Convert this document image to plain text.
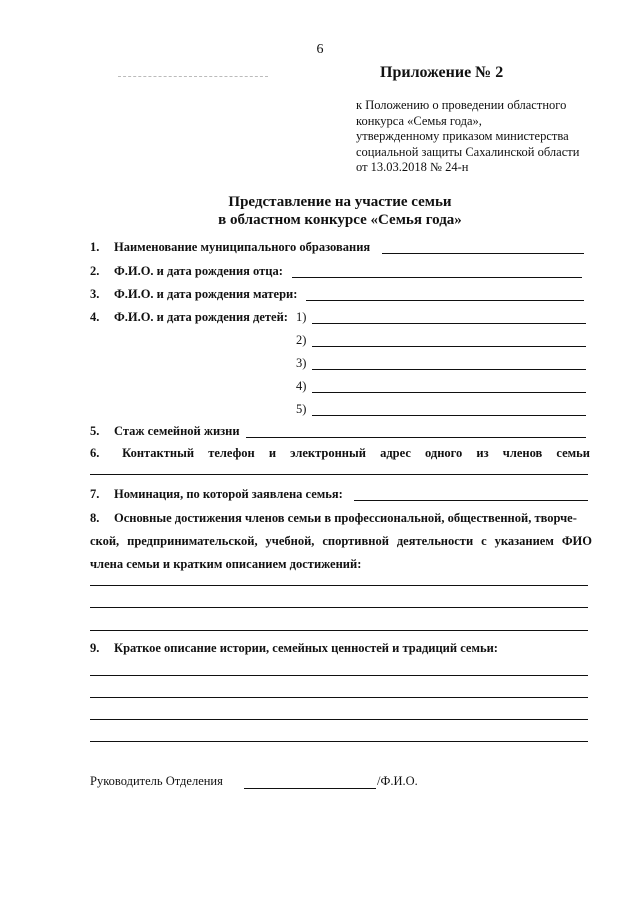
6
Приложение № 2
к Положению о проведении областного
конкурса «Семья года»,
утвержденному приказом министерства
социальной защиты Сахалинской области
от 13.03.2018 № 24-н
Представление на участие семьи
в областном конкурсе «Семья года»
1. Наименование муниципального образования
2. Ф.И.О. и дата рождения отца:
3. Ф.И.О. и дата рождения матери:
4. Ф.И.О. и дата рождения детей: 1)
2)
3)
4)
5)
5. Стаж семейной жизни
6.	Контактный телефон и электронный адрес одного из членов семьи
7. Номинация, по которой заявлена семья:
8. Основные достижения членов семьи в профессиональной, общественной, творче-
ской, предпринимательской, учебной, спортивной деятельности с указанием ФИО
члена семьи и кратким описанием достижений:
9. Краткое описание истории, семейных ценностей и традиций семьи:
Руководитель Отделения	/Ф.И.О.
